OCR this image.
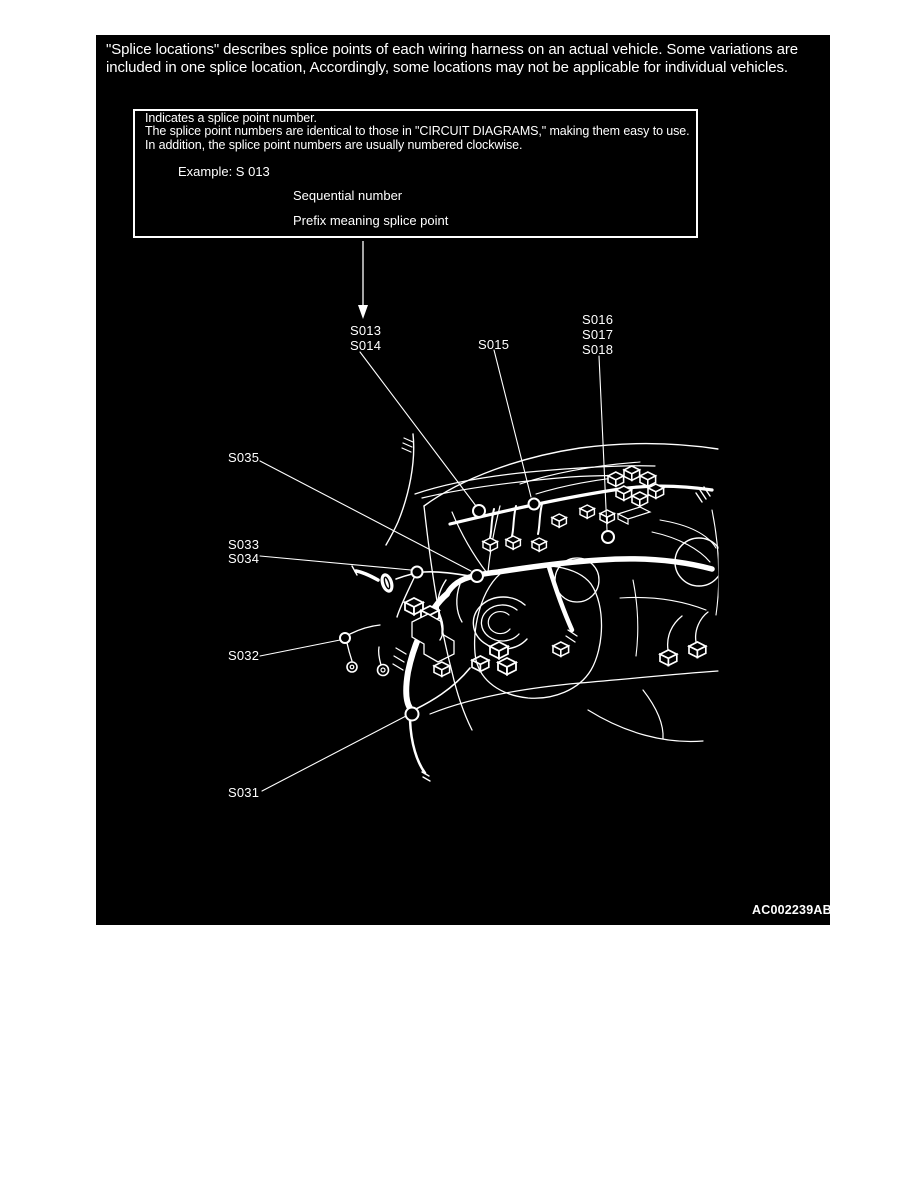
"Splice locations" describes splice points of each wiring harness on an actual vehicle. Some variations are
included in one splice location, Accordingly, some locations may not be applicable for individual vehicles.
Indicates a splice point number.
The splice point numbers are identical to those in "CIRCUIT DIAGRAMS," making them easy to use.
In addition, the splice point numbers are usually numbered clockwise.
Example: S 013
Sequential number
Prefix meaning splice point
S013
S014	S015
S016
S017
S018
S035
S033
S034
S032
S031
AC002239AB
